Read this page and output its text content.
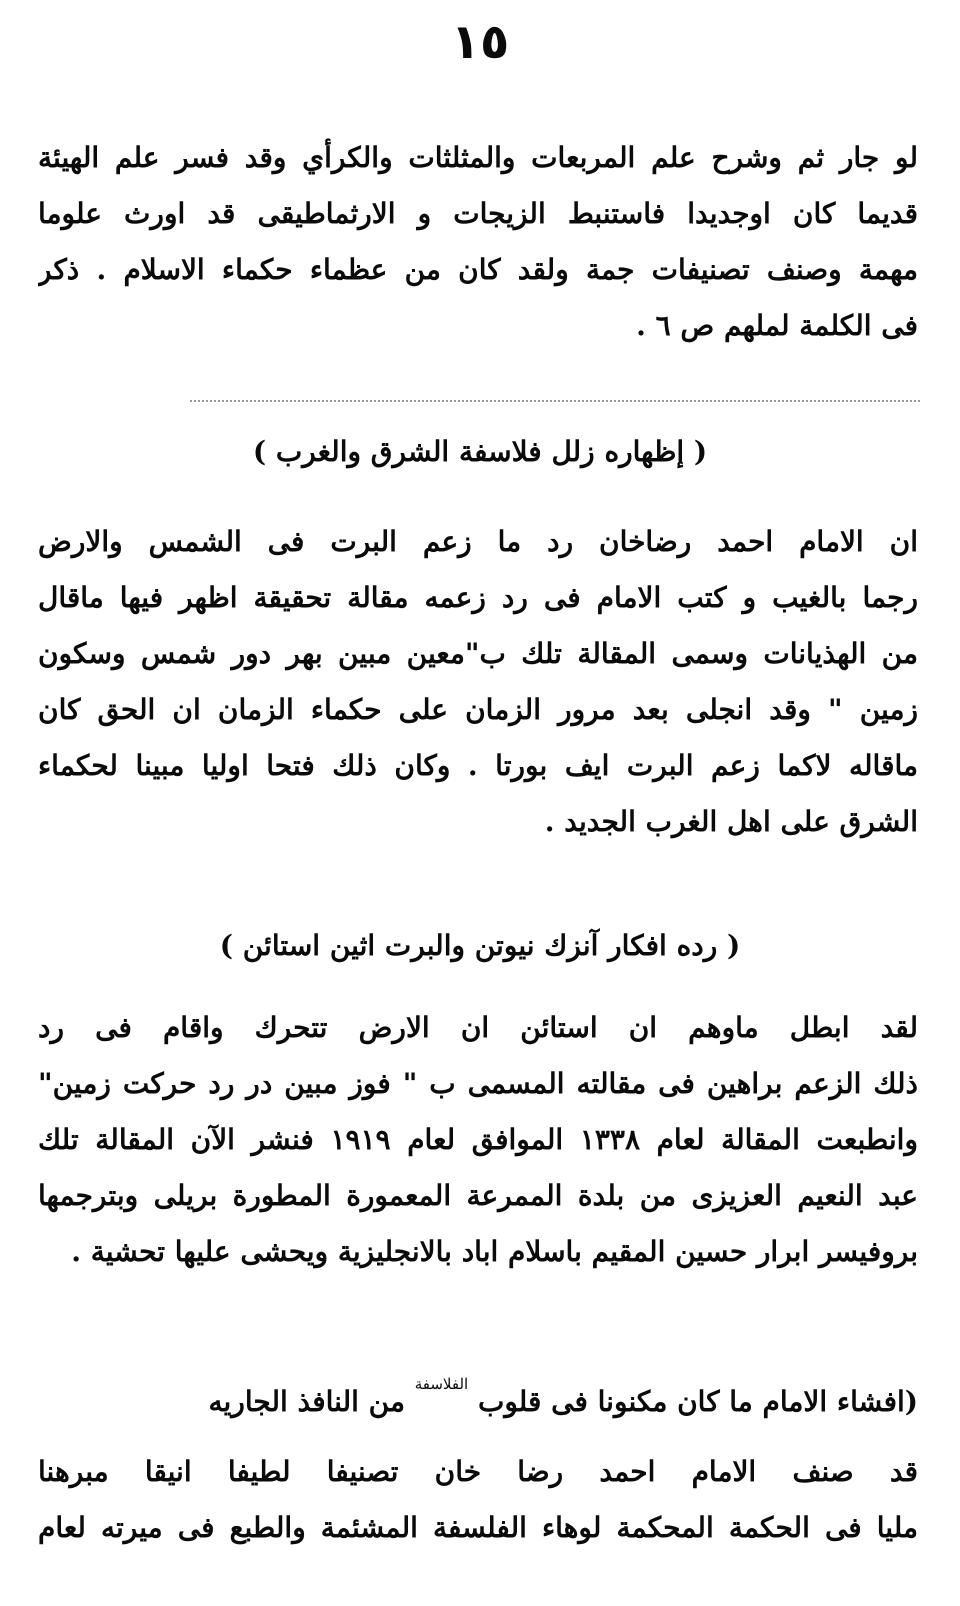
١٥
لو جار ثم وشرح علم المربعات والمثلثات والكرأي وقد فسر علم الهيئة
قديما كان اوجديدا فاستنبط الزيجات و الارثماطيقى قد اورث علوما
مهمة وصنف تصنيفات جمة ولقد كان من عظماء حكماء الاسلام . ذكر
فى الكلمة لملهم ص ٦ .
( إظهاره زلل فلاسفة الشرق والغرب )
ان الامام احمد رضاخان رد ما زعم البرت فى الشمس والارض
رجما بالغيب و كتب الامام فى رد زعمه مقالة تحقيقة اظهر فيها ماقال
من الهذيانات وسمى المقالة تلك ب"معين مبين بهر دور شمس وسكون
زمين " وقد انجلى بعد مرور الزمان على حكماء الزمان ان الحق كان
ماقاله لاكما زعم البرت ايف بورتا . وكان ذلك فتحا اوليا مبينا لحكماء
الشرق على اهل الغرب الجديد .
( رده افكار آنزك نيوتن والبرت اثين استائن )
لقد ابطل ماوهم ان استائن ان الارض تتحرك واقام فى رد
ذلك الزعم براهين فى مقالته المسمى ب " فوز مبين در رد حركت زمين"
وانطبعت المقالة لعام ١٣٣٨ الموافق لعام ١٩١٩ فنشر الآن المقالة تلك
عبد النعيم العزيزى من بلدة الممرعة المعمورة المطورة بريلى وبترجمها
بروفيسر ابرار حسين المقيم باسلام اباد بالانجليزية ويحشى عليها تحشية .
(افشاء الامام ما كان مكنونا فى قلوب $^{الفلاسفة}$ من النافذ الجاريه
قد صنف الامام احمد رضا خان تصنيفا لطيفا انيقا مبرهنا
مليا فى الحكمة المحكمة لوهاء الفلسفة المشئمة والطبع فى ميرته لعام
